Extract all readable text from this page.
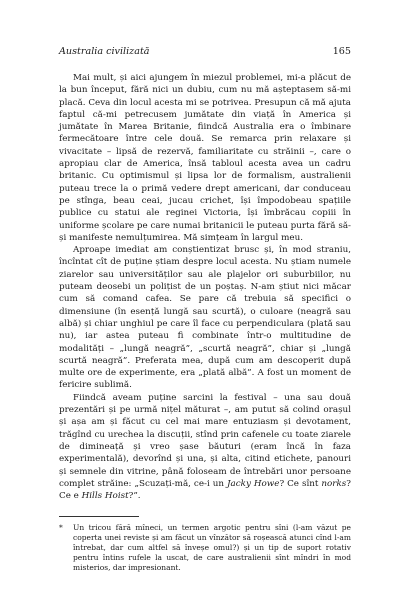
Australia civilizată	165

Mai mult, și aici ajungem în miezul problemei, mi-a plăcut de la bun început, fără nici un dubiu, cum nu mă așteptasem să-mi placă. Ceva din locul acesta mi se potrivea. Presupun că mă ajuta faptul că-mi petrecusem jumătate din viață în America și jumătate în Marea Britanie, fiindcă Australia era o îmbinare fermecătoare între cele două. Se remarca prin relaxare și vivacitate – lipsă de rezervă, familiaritate cu străinii –, care o apropiau clar de America, însă tabloul acesta avea un cadru britanic. Cu optimismul și lipsa lor de formalism, australienii puteau trece la o primă vedere drept americani, dar conduceau pe stînga, beau ceai, jucau crichet, își împodobeau spațiile publice cu statui ale reginei Victoria, își îmbrăcau copiii în uniforme școlare pe care numai britanicii le puteau purta fără să-și manifeste nemulțumirea. Mă simțeam în largul meu.

Aproape imediat am conștientizat brusc și, în mod straniu, încîntat cît de puține știam despre locul acesta. Nu știam numele ziarelor sau universităților sau ale plajelor ori suburbiilor, nu puteam deosebi un polițist de un poștaș. N-am știut nici măcar cum să comand cafea. Se pare că trebuia să specifici o dimensiune (în esență lungă sau scurtă), o culoare (neagră sau albă) și chiar unghiul pe care îl face cu perpendiculara (plată sau nu), iar astea puteau fi combinate într-o multitudine de modalități – „lungă neagră”, „scurtă neagră”, chiar și „lungă scurtă neagră”. Preferata mea, după cum am descoperit după multe ore de experimente, era „plată albă”. A fost un moment de fericire sublimă.

Fiindcă aveam puține sarcini la festival – una sau două prezentări și pe urmă nițel măturat –, am putut să colind orașul și așa am și făcut cu cel mai mare entuziasm și devotament, trăgînd cu urechea la discuții, stînd prin cafenele cu toate ziarele de dimineață și vreo șase băuturi (eram încă în faza experimentală), devorînd și una, și alta, citind etichete, panouri și semnele din vitrine, până foloseam de întrebări unor persoane complet străine: „Scuzați-mă, ce-i un Jacky Howe? Ce sînt norks? Ce e Hills Hoist?”.

*	Un tricou fără mîneci, un termen argotic pentru sîni (l-am văzut pe coperta unei reviste și am făcut un vînzător să roșească atunci cînd l-am întrebat, dar cum altfel să înveșe omul?) și un tip de suport rotativ pentru întins rufele la uscat, de care australienii sînt mîndri în mod misterios, dar impresionant.
